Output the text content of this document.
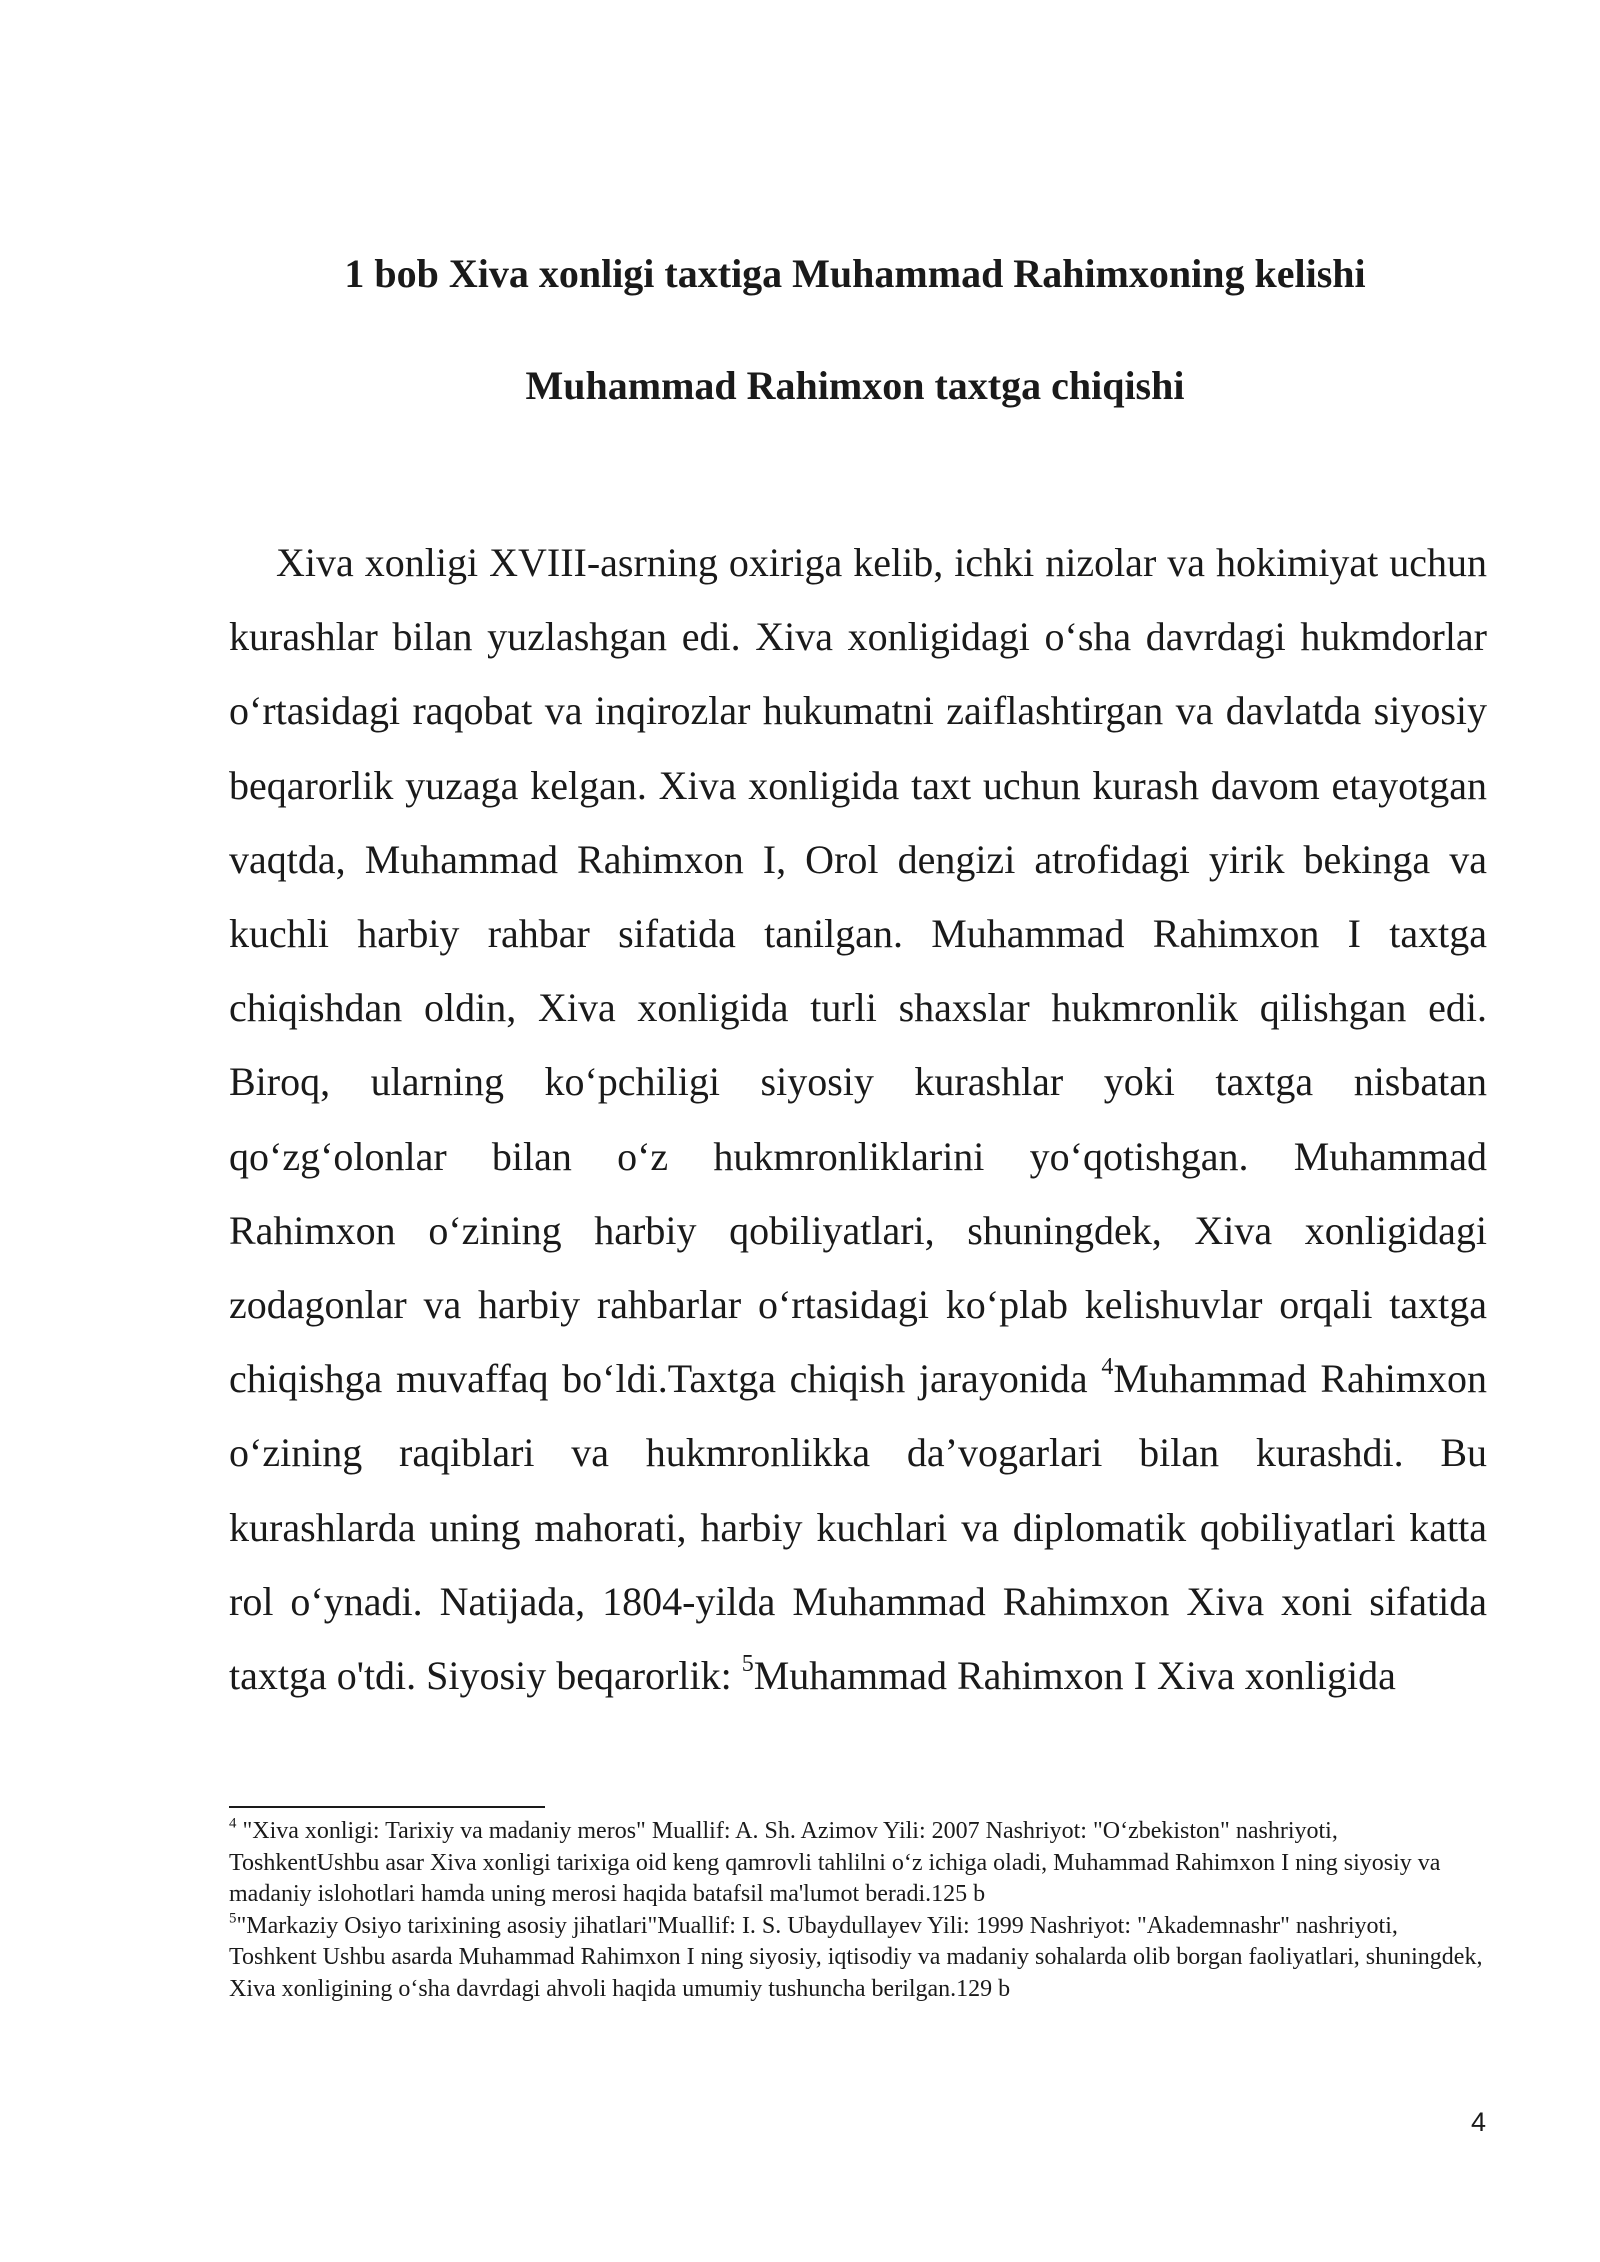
1 bob Xiva xonligi taxtiga Muhammad Rahimxoning kelishi
Muhammad Rahimxon taxtga chiqishi

Xiva xonligi XVIII-asrning oxiriga kelib, ichki nizolar va hokimiyat uchun kurashlar bilan yuzlashgan edi. Xiva xonligidagi o‘sha davrdagi hukmdorlar o‘rtasidagi raqobat va inqirozlar hukumatni zaiflashtirgan va davlatda siyosiy beqarorlik yuzaga kelgan. Xiva xonligida taxt uchun kurash davom etayotgan vaqtda, Muhammad Rahimxon I, Orol dengizi atrofidagi yirik bekinga va kuchli harbiy rahbar sifatida tanilgan. Muhammad Rahimxon I taxtga chiqishdan oldin, Xiva xonligida turli shaxslar hukmronlik qilishgan edi. Biroq, ularning ko‘pchiligi siyosiy kurashlar yoki taxtga nisbatan qo‘zg‘olonlar bilan o‘z hukmronliklarini yo‘qotishgan. Muhammad Rahimxon o‘zining harbiy qobiliyatlari, shuningdek, Xiva xonligidagi zodagonlar va harbiy rahbarlar o‘rtasidagi ko‘plab kelishuvlar orqali taxtga chiqishga muvaffaq bo‘ldi.Taxtga chiqish jarayonida $^4$Muhammad Rahimxon o‘zining raqiblari va hukmronlikka da’vogarlari bilan kurashdi. Bu kurashlarda uning mahorati, harbiy kuchlari va diplomatik qobiliyatlari katta rol o‘ynadi. Natijada, 1804-yilda Muhammad Rahimxon Xiva xoni sifatida taxtga o'tdi. Siyosiy beqarorlik: $^5$Muhammad Rahimxon I Xiva xonligida

$^4$ "Xiva xonligi: Tarixiy va madaniy meros" Muallif: A. Sh. Azimov Yili: 2007 Nashriyot: "O‘zbekiston" nashriyoti, ToshkentUshbu asar Xiva xonligi tarixiga oid keng qamrovli tahlilni o‘z ichiga oladi, Muhammad Rahimxon I ning siyosiy va madaniy islohotlari hamda uning merosi haqida batafsil ma'lumot beradi.125 b

$^5$"Markaziy Osiyo tarixining asosiy jihatlari"Muallif: I. S. Ubaydullayev Yili: 1999 Nashriyot: "Akademnashr" nashriyoti, Toshkent Ushbu asarda Muhammad Rahimxon I ning siyosiy, iqtisodiy va madaniy sohalarda olib borgan faoliyatlari, shuningdek, Xiva xonligining o‘sha davrdagi ahvoli haqida umumiy tushuncha berilgan.129 b

4
